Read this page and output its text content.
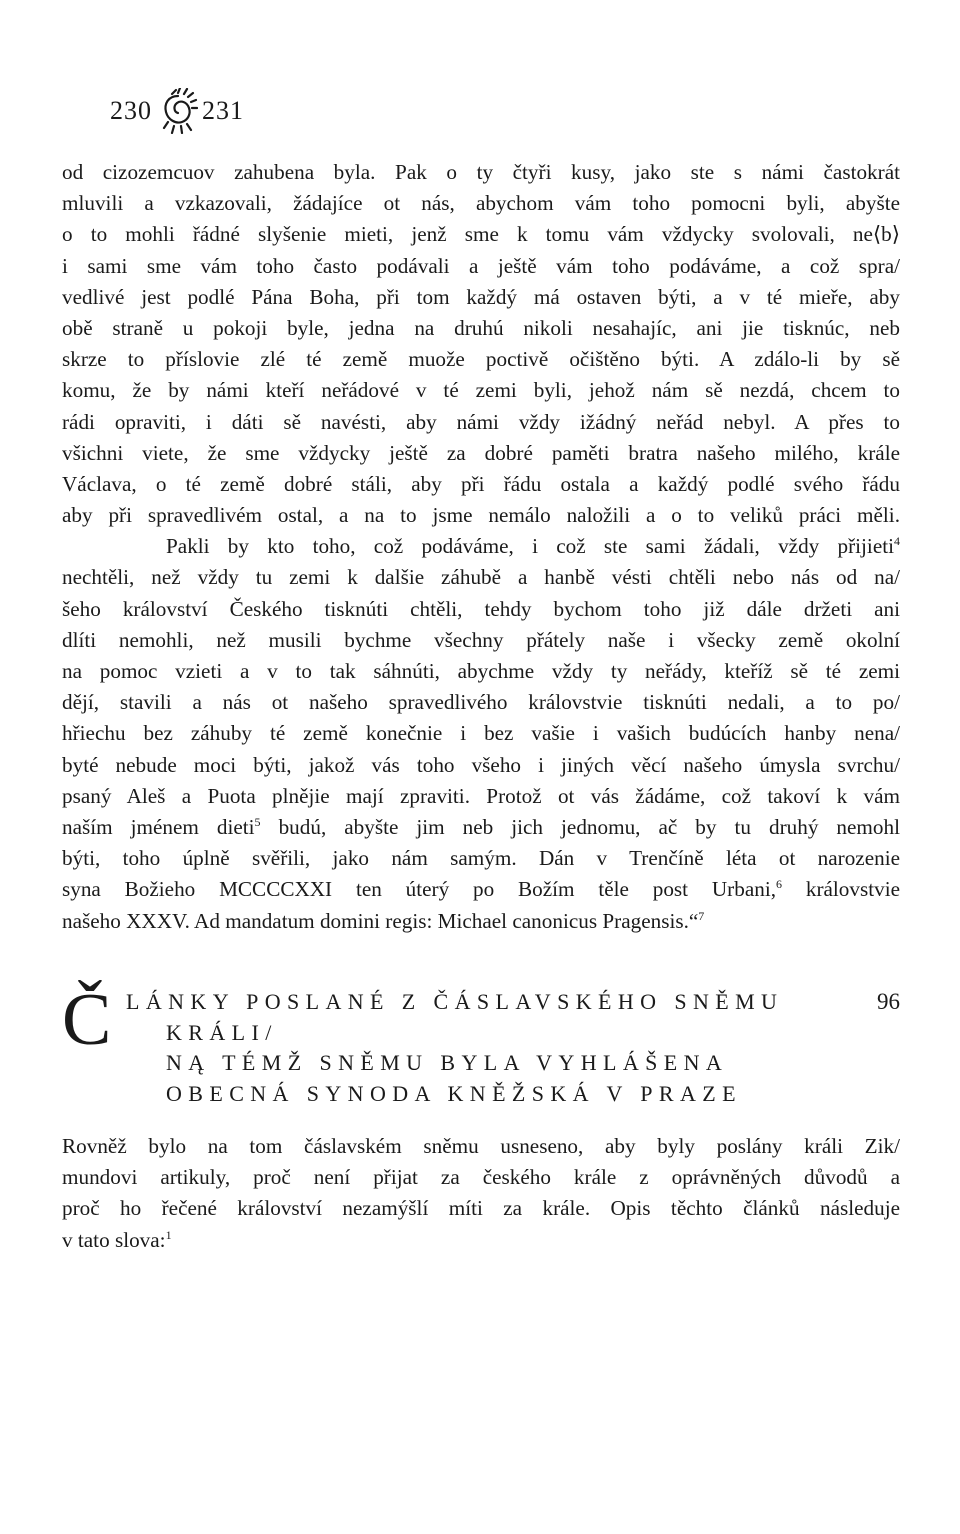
230 231
od cizozemcuov zahubena byla. Pak o ty čtyři kusy, jako ste s námi častokrát
mluvili a vzkazovali, žádajíce ot nás, abychom vám toho pomocni byli, abyšte
o to mohli řádné slyšenie mieti, jenž sme k tomu vám vždycky svolovali, ne⟨b⟩
i sami sme vám toho často podávali a ještě vám toho podáváme, a což spra/
vedlivé jest podlé Pána Boha, při tom každý má ostaven býti, a v té mieře, aby
obě straně u pokoji byle, jedna na druhú nikoli nesahajíc, ani jie tisknúc, neb
skrze to příslovie zlé té země muože poctivě očištěno býti. A zdálo-li by sě
komu, že by námi kteří neřádové v té zemi byli, jehož nám sě nezdá, chcem to
rádi opraviti, i dáti sě navésti, aby námi vždy ižádný neřád nebyl. A přes to
všichni viete, že sme vždycky ještě za dobré paměti bratra našeho milého, krále
Václava, o té země dobré stáli, aby při řádu ostala a každý podlé svého řádu
aby při spravedlivém ostal, a na to jsme nemálo naložili a o to veliků práci měli.
Pakli by kto toho, což podáváme, i což ste sami žádali, vždy přijieti$^4$
nechtěli, než vždy tu zemi k dalšie záhubě a hanbě vésti chtěli nebo nás od na/
šeho království Českého tisknúti chtěli, tehdy bychom toho již dále držeti ani
dlíti nemohli, než musili bychme všechny přátely naše i všecky země okolní
na pomoc vzieti a v to tak sáhnúti, abychme vždy ty neřády, kteříž sě té zemi
dějí, stavili a nás ot našeho spravedlivého královstvie tisknúti nedali, a to po/
hřiechu bez záhuby té země konečnie i bez vašie i vašich budúcích hanby nena/
byté nebude moci býti, jakož vás toho všeho i jiných věcí našeho úmysla svrchu/
psaný Aleš a Puota plnějie mají zpraviti. Protož ot vás žádáme, což takoví k vám
naším jménem dieti$^5$ budú, abyšte jim neb jich jednomu, ač by tu druhý nemohl
býti, toho úplně svěřili, jako nám samým. Dán v Trenčíně léta ot narozenie
syna Božieho MCCCCXXI ten úterý po Božím těle post Urbani,$^6$ královstvie
našeho XXXV. Ad mandatum domini regis: Michael canonicus Pragensis.“$^7$
Č LÁNKY POSLANÉ Z ČÁSLAVSKÉHO SNĚMU
KRÁLI/
NĄ TÉMŽ SNĚMU BYLA VYHLÁŠENA
OBECNÁ SYNODA KNĚŽSKÁ V PRAZE
96
Rovněž bylo na tom čáslavském sněmu usneseno, aby byly poslány králi Zik/
mundovi artikuly, proč není přijat za českého krále z oprávněných důvodů a
proč ho řečené království nezamýšlí míti za krále. Opis těchto článků následuje
v tato slova:$^1$
